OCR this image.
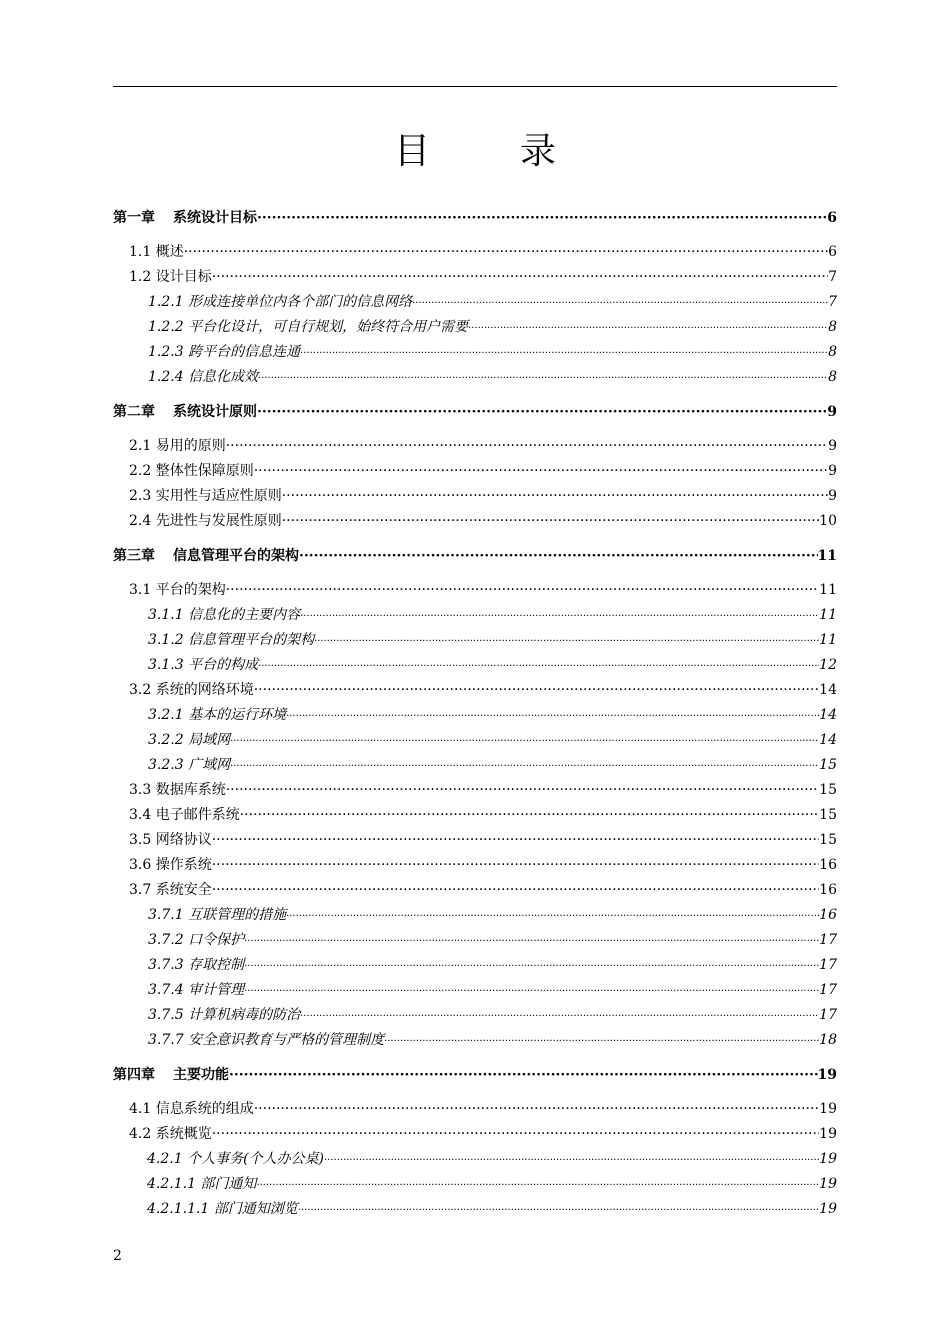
目录
第一章 系统设计目标 ·····	6
1.1 概述 ·····	6
1.2 设计目标 ·····	7
1.2.1 形成连接单位内各个部门的信息网络 ·····	7
1.2.2 平台化设计，可自行规划，始终符合用户需要 ·····	8
1.2.3 跨平台的信息连通 ·····	8
1.2.4 信息化成效 ·····	8
第二章 系统设计原则 ·····	9
2.1 易用的原则 ·····	9
2.2 整体性保障原则 ·····	9
2.3 实用性与适应性原则 ·····	9
2.4 先进性与发展性原则 ·····	10
第三章 信息管理平台的架构 ·····	11
3.1 平台的架构 ·····	11
3.1.1 信息化的主要内容 ·····	11
3.1.2 信息管理平台的架构 ·····	11
3.1.3 平台的构成 ·····	12
3.2 系统的网络环境 ·····	14
3.2.1 基本的运行环境 ·····	14
3.2.2 局域网 ·····	14
3.2.3 广域网 ·····	15
3.3 数据库系统 ·····	15
3.4 电子邮件系统 ·····	15
3.5 网络协议 ·····	15
3.6 操作系统 ·····	16
3.7 系统安全 ·····	16
3.7.1 互联管理的措施 ·····	16
3.7.2 口令保护 ·····	17
3.7.3 存取控制 ·····	17
3.7.4 审计管理 ·····	17
3.7.5 计算机病毒的防治 ·····	17
3.7.7 安全意识教育与严格的管理制度 ·····	18
第四章 主要功能 ·····	19
4.1 信息系统的组成 ·····	19
4.2 系统概览 ·····	19
4.2.1 个人事务(个人办公桌) ·····	19
4.2.1.1 部门通知 ·····	19
4.2.1.1.1 部门通知浏览 ·····	19
2
